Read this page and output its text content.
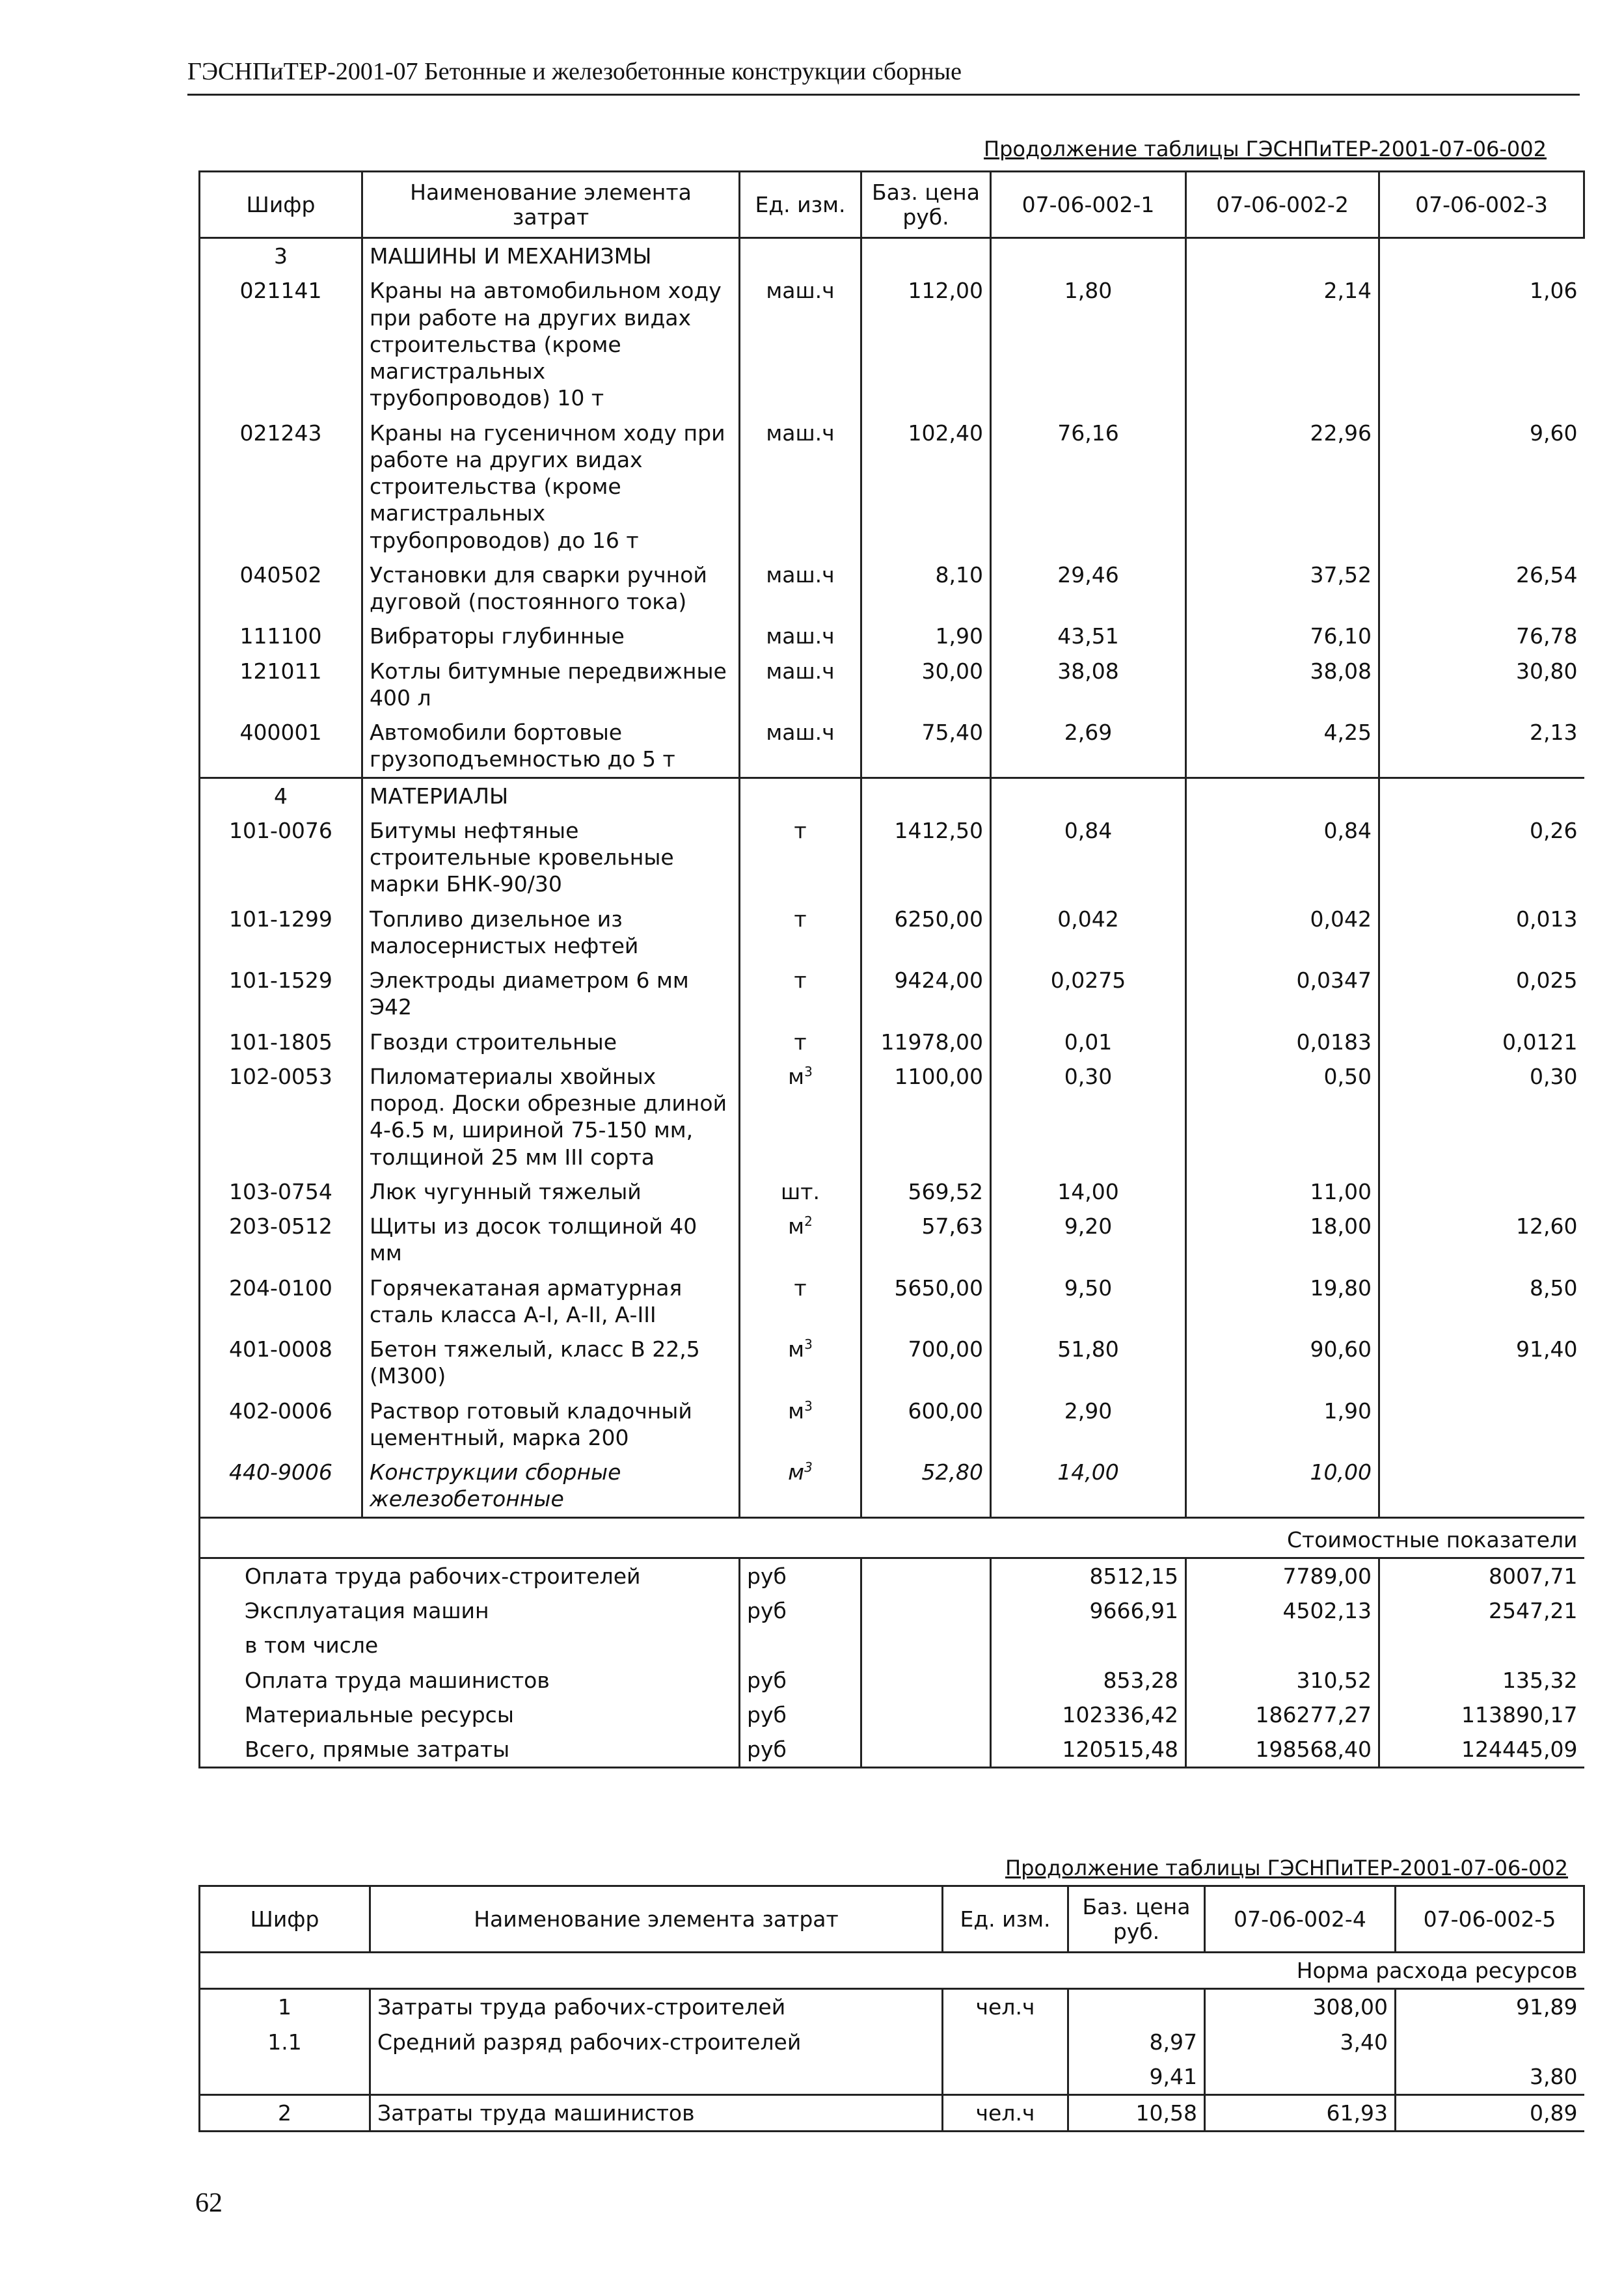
ГЭСНПиТЕР-2001-07 Бетонные и железобетонные конструкции сборные
Продолжение таблицы ГЭСНПиТЕР-2001-07-06-002
Шифр	Наименование элемента затрат	Ед. изм.	Баз. цена руб.	07-06-002-1	07-06-002-2	07-06-002-3
3	МАШИНЫ И МЕХАНИЗМЫ					
021141	Краны на автомобильном ходу при работе на других видах строительства (кроме магистральных трубопроводов) 10 т	маш.ч	112,00	1,80	2,14	1,06
021243	Краны на гусеничном ходу при работе на других видах строительства (кроме магистральных трубопроводов) до 16 т	маш.ч	102,40	76,16	22,96	9,60
040502	Установки для сварки ручной дуговой (постоянного тока)	маш.ч	8,10	29,46	37,52	26,54
111100	Вибраторы глубинные	маш.ч	1,90	43,51	76,10	76,78
121011	Котлы битумные передвижные 400 л	маш.ч	30,00	38,08	38,08	30,80
400001	Автомобили бортовые грузоподъемностью до 5 т	маш.ч	75,40	2,69	4,25	2,13
4	МАТЕРИАЛЫ					
101-0076	Битумы нефтяные строительные кровельные марки БНК-90/30	т	1412,50	0,84	0,84	0,26
101-1299	Топливо дизельное из малосернистых нефтей	т	6250,00	0,042	0,042	0,013
101-1529	Электроды диаметром 6 мм Э42	т	9424,00	0,0275	0,0347	0,025
101-1805	Гвозди строительные	т	11978,00	0,01	0,0183	0,0121
102-0053	Пиломатериалы хвойных пород. Доски обрезные длиной 4-6.5 м, шириной 75-150 мм, толщиной 25 мм III сорта	$м^3$	1100,00	0,30	0,50	0,30
103-0754	Люк чугунный тяжелый	шт.	569,52	14,00	11,00	
203-0512	Щиты из досок толщиной 40 мм	$м^2$	57,63	9,20	18,00	12,60
204-0100	Горячекатаная арматурная сталь класса А-I, А-II, А-III	т	5650,00	9,50	19,80	8,50
401-0008	Бетон тяжелый, класс В 22,5 (М300)	$м^3$	700,00	51,80	90,60	91,40
402-0006	Раствор готовый кладочный цементный, марка 200	$м^3$	600,00	2,90	1,90	
440-9006	Конструкции сборные железобетонные	$м^3$	52,80	14,00	10,00	
Стоимостные показатели						
Оплата труда рабочих-строителей		руб		8512,15	7789,00	8007,71
Эксплуатация машин		руб		9666,91	4502,13	2547,21
в том числе						
Оплата труда машинистов		руб		853,28	310,52	135,32
Материальные ресурсы		руб		102336,42	186277,27	113890,17
Всего, прямые затраты		руб		120515,48	198568,40	124445,09
Продолжение таблицы ГЭСНПиТЕР-2001-07-06-002
Шифр	Наименование элемента затрат	Ед. изм.	Баз. цена руб.	07-06-002-4	07-06-002-5
Норма расхода ресурсов					
1	Затраты труда рабочих-строителей	чел.ч		308,00	91,89
1.1	Средний разряд рабочих-строителей		8,97	3,40	
			9,41		3,80
2	Затраты труда машинистов	чел.ч	10,58	61,93	0,89
62
